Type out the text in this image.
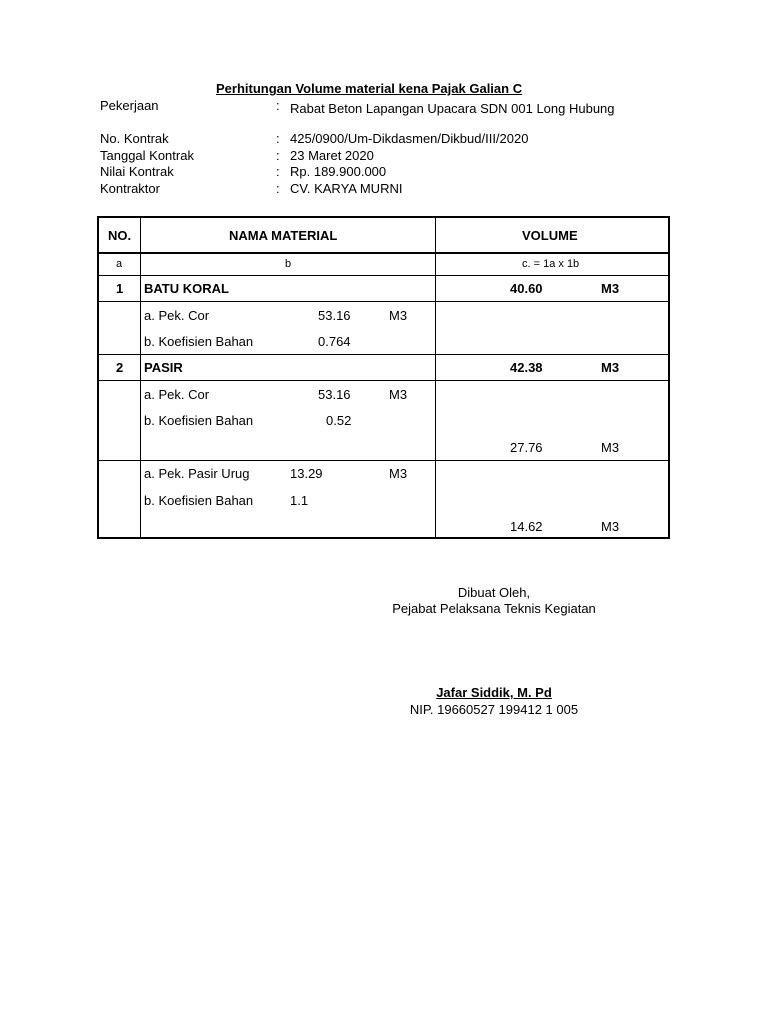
Perhitungan Volume material kena Pajak Galian C
Pekerjaan	: Rabat Beton Lapangan Upacara SDN 001 Long Hubung
No. Kontrak	: 425/0900/Um-Dikdasmen/Dikbud/III/2020
Tanggal Kontrak	: 23 Maret 2020
Nilai Kontrak	: Rp. 189.900.000
Kontraktor	: CV. KARYA MURNI
NO.	NAMA MATERIAL	VOLUME
a	b	c. = 1a x 1b
1 BATU KORAL	40.60	M3
a. Pek. Cor	53.16	M3
b. Koefisien Bahan	0.764
2 PASIR	42.38	M3
a. Pek. Cor	53.16	M3
b. Koefisien Bahan	0.52
27.76	M3
a. Pek. Pasir Urug	13.29	M3
b. Koefisien Bahan	1.1
14.62	M3
Dibuat Oleh,
Pejabat Pelaksana Teknis Kegiatan
Jafar Siddik, M. Pd
NIP. 19660527 199412 1 005
